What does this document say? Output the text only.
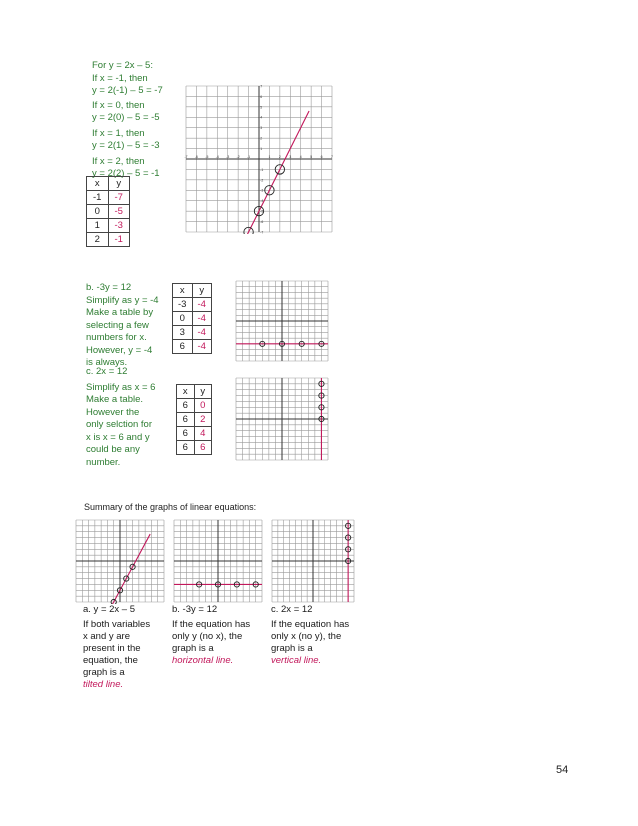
For y = 2x – 5:
If x = -1, then
y = 2(-1) – 5 = -7
If x = 0, then
y = 2(0) – 5 = -5
If x = 1, then
y = 2(1) – 5 = -3
If x = 2, then
y = 2(2) – 5 = -1
x	y
-1	-7
0	-5
1	-3
2	-1
-7 -6 -5 -4 -3 -2 -1	1	2	3	4	5	6	7
7
6
5
4
3
2
1
-1
-2
-3
-4
-5
-6
-7
b. -3y = 12
Simplify as y = -4
Make a table by
selecting a few
numbers for x.
However, y = -4
is always.
x	y
-3	-4
0	-4
3	-4
6	-4
c. 2x = 12
Simplify as x = 6
Make a table.
However the
only selction for
x is x = 6 and y
could be any
number.
x	y
6	0
6	2
6	4
6	6
Summary of the graphs of linear equations:
a. y = 2x – 5
If both variables
x and y are
present in the
equation, the
graph is a
tilted line.
b. -3y = 12
If the equation has
only y (no x), the
graph is a
horizontal line.
c. 2x = 12
If the equation has
only x (no y), the
graph is a
vertical line.
54
